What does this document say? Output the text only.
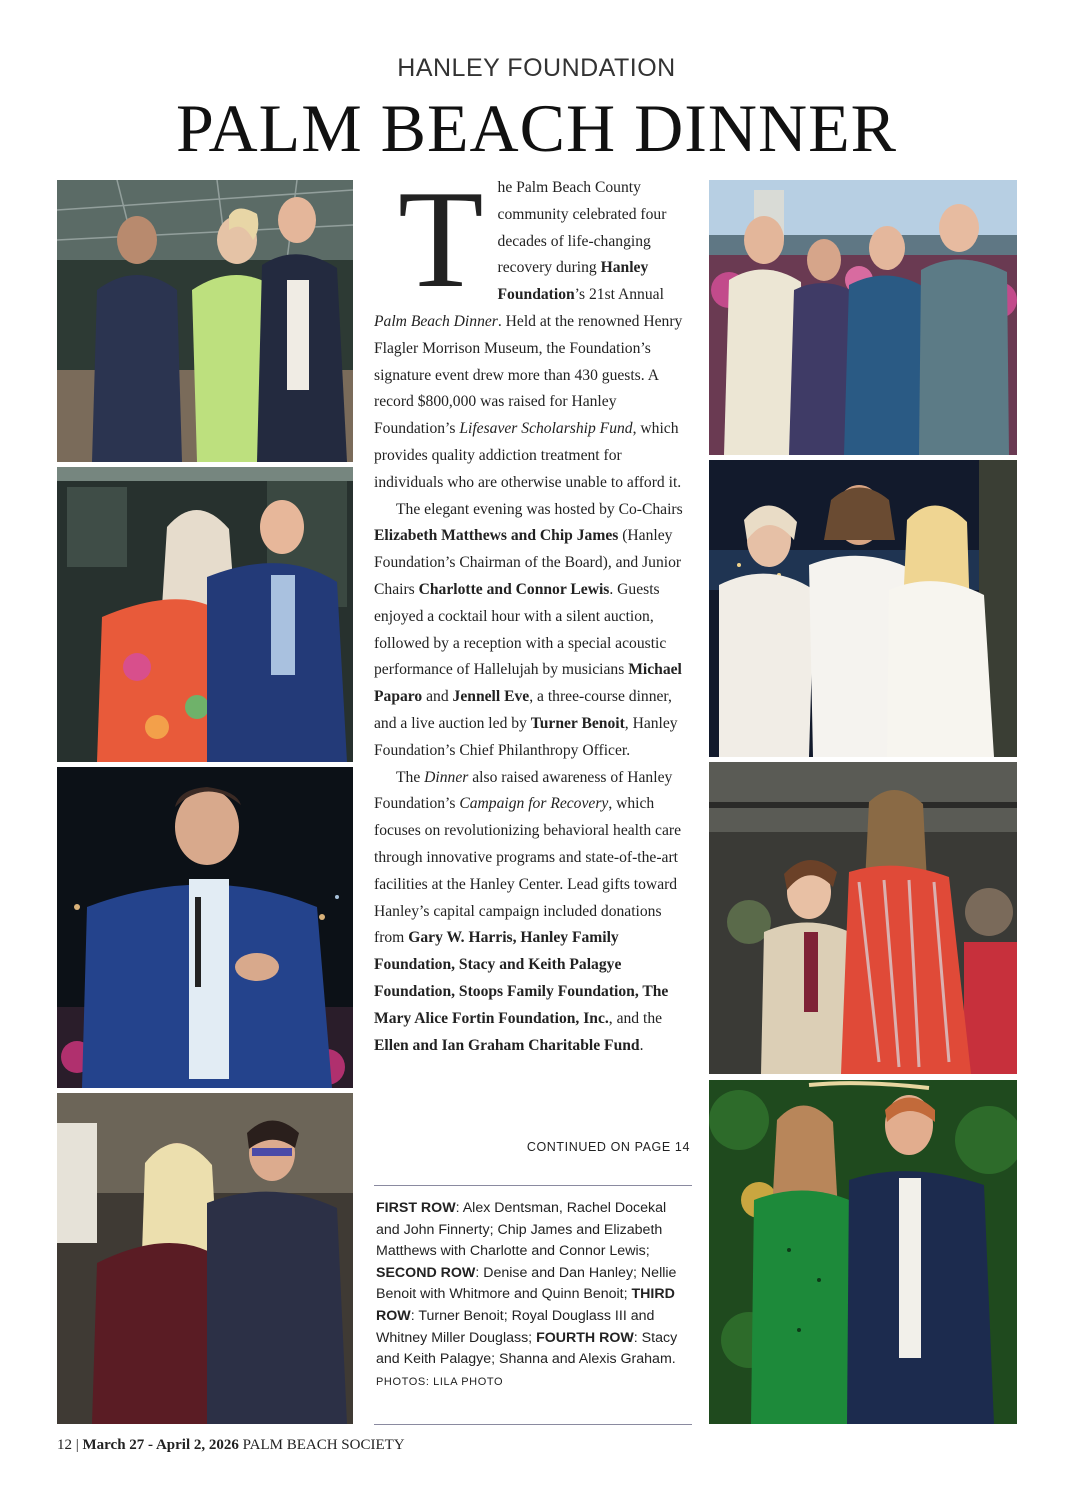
HANLEY FOUNDATION
PALM BEACH DINNER
T he Palm Beach County community celebrated four decades of life-changing recovery during Hanley Foundation’s 21st Annual Palm Beach Dinner. Held at the renowned Henry Flagler Morrison Museum, the Foundation’s signature event drew more than 430 guests. A record $800,000 was raised for Hanley Foundation’s Lifesaver Scholarship Fund, which provides quality addiction treatment for individuals who are otherwise unable to afford it.

The elegant evening was hosted by Co-Chairs Elizabeth Matthews and Chip James (Hanley Foundation’s Chairman of the Board), and Junior Chairs Charlotte and Connor Lewis. Guests enjoyed a cocktail hour with a silent auction, followed by a reception with a special acoustic performance of Hallelujah by musicians Michael Paparo and Jennell Eve, a three-course dinner, and a live auction led by Turner Benoit, Hanley Foundation’s Chief Philanthropy Officer.

The Dinner also raised awareness of Hanley Foundation’s Campaign for Recovery, which focuses on revolutionizing behavioral health care through innovative programs and state-of-the-art facilities at the Hanley Center. Lead gifts toward Hanley’s capital campaign included donations from Gary W. Harris, Hanley Family Foundation, Stacy and Keith Palagye Foundation, Stoops Family Foundation, The Mary Alice Fortin Foundation, Inc., and the Ellen and Ian Graham Charitable Fund.

CONTINUED ON PAGE 14
FIRST ROW: Alex Dentsman, Rachel Docekal and John Finnerty; Chip James and Elizabeth Matthews with Charlotte and Connor Lewis; SECOND ROW: Denise and Dan Hanley; Nellie Benoit with Whitmore and Quinn Benoit; THIRD ROW: Turner Benoit; Royal Douglass III and Whitney Miller Douglass; FOURTH ROW: Stacy and Keith Palagye; Shanna and Alexis Graham.
PHOTOS: LILA PHOTO
12 | March 27 - April 2, 2026 PALM BEACH SOCIETY
